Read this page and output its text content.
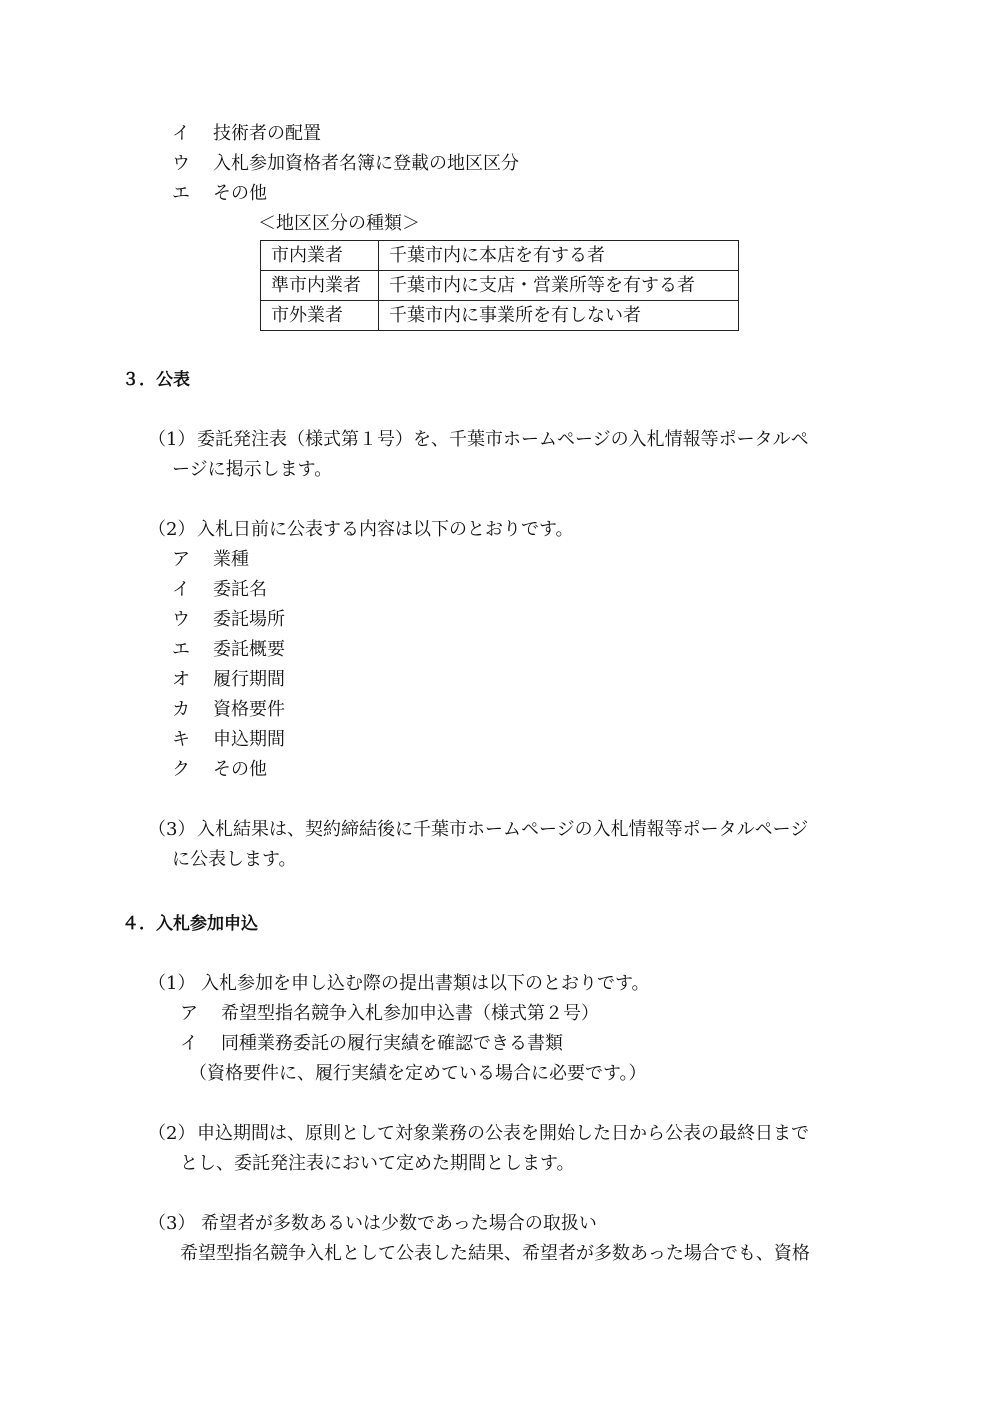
イ 技術者の配置
ウ 入札参加資格者名簿に登載の地区区分
エ その他
＜地区区分の種類＞
市内業者	千葉市内に本店を有する者
準市内業者	千葉市内に支店・営業所等を有する者
市外業者	千葉市内に事業所を有しない者
３．公表
（1） 委託発注表（様式第１号）を、千葉市ホームページの入札情報等ポータルペ
ージに掲示します。
（2） 入札日前に公表する内容は以下のとおりです。
ア 業種
イ 委託名
ウ 委託場所
エ 委託概要
オ 履行期間
カ 資格要件
キ 申込期間
ク その他
（3） 入札結果は、契約締結後に千葉市ホームページの入札情報等ポータルページ
に公表します。
４．入札参加申込
（1） 入札参加を申し込む際の提出書類は以下のとおりです。
ア 希望型指名競争入札参加申込書（様式第２号）
イ 同種業務委託の履行実績を確認できる書類
（資格要件に、履行実績を定めている場合に必要です。）
（2） 申込期間は、原則として対象業務の公表を開始した日から公表の最終日まで
とし、委託発注表において定めた期間とします。
（3） 希望者が多数あるいは少数であった場合の取扱い
希望型指名競争入札として公表した結果、希望者が多数あった場合でも、資格
